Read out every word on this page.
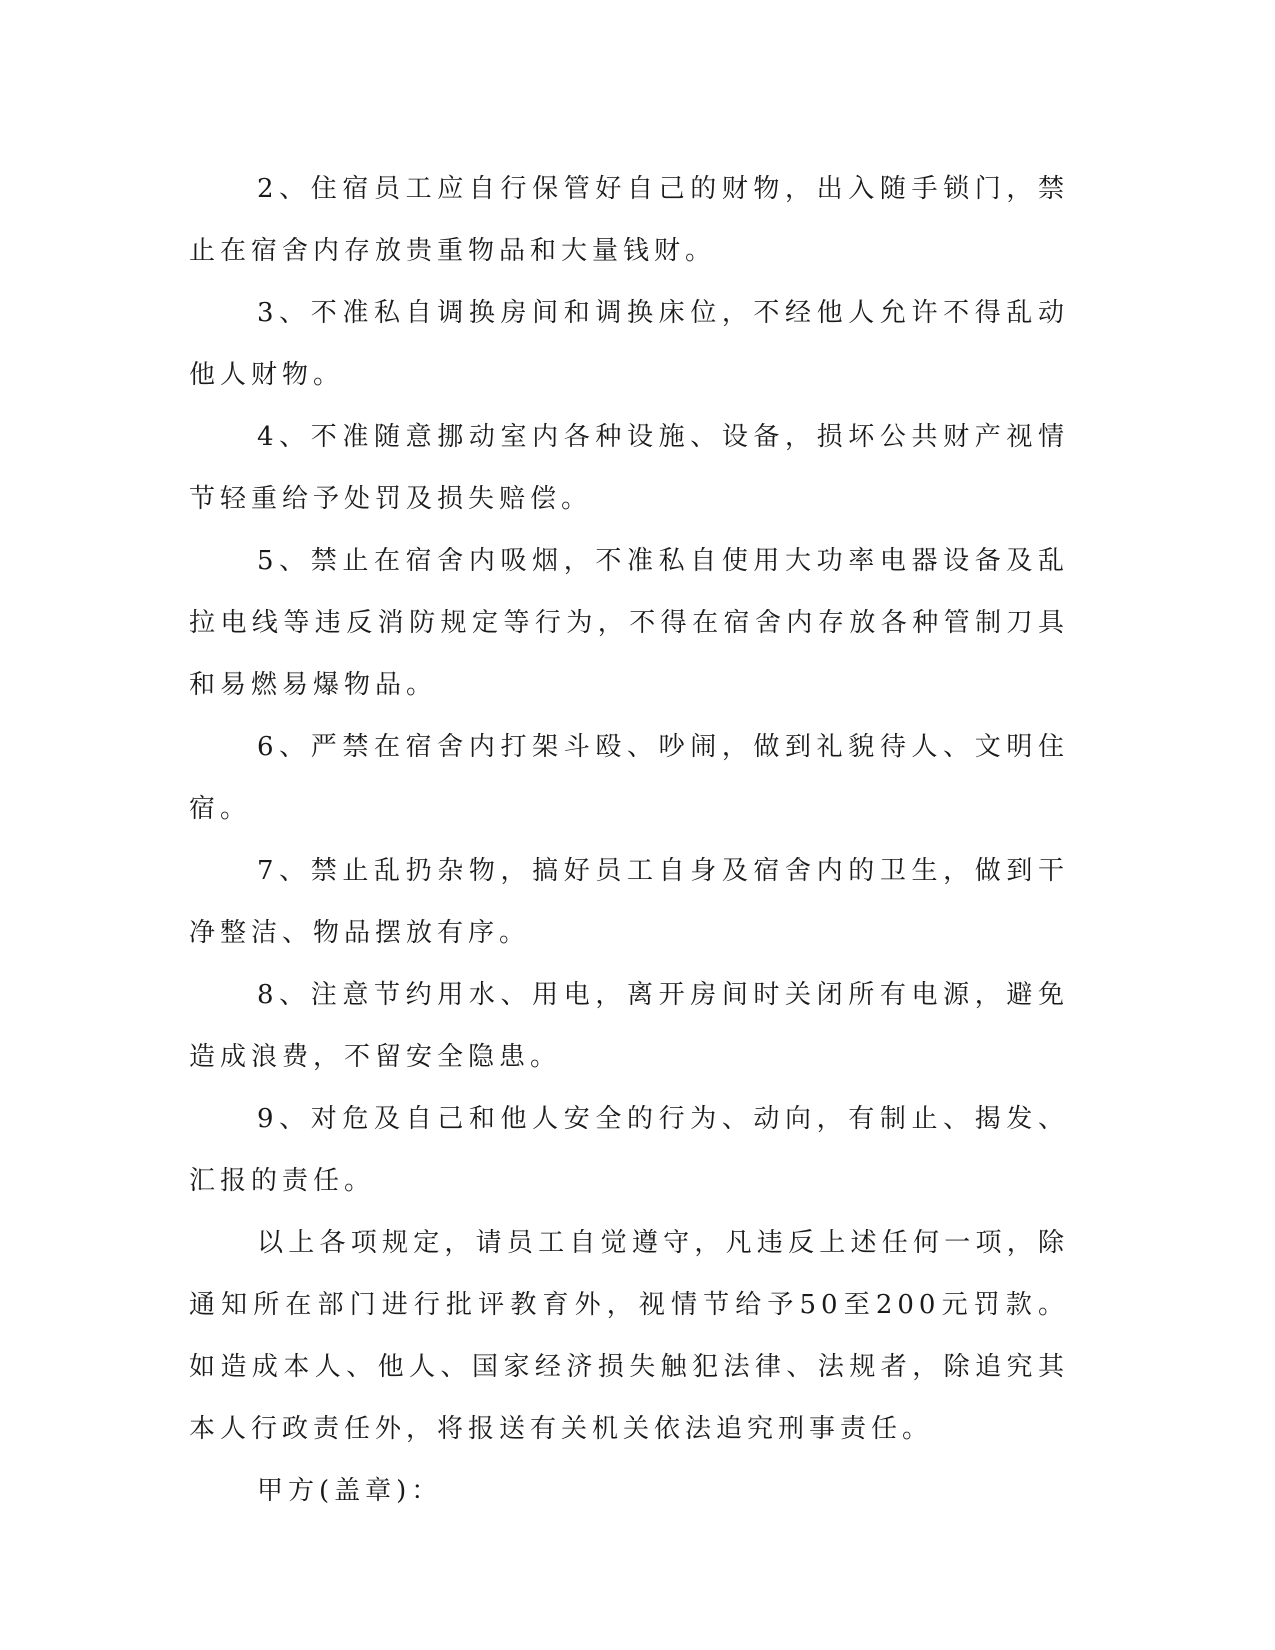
2、住宿员工应自行保管好自己的财物，出入随手锁门，禁止在宿舍内存放贵重物品和大量钱财。

3、不准私自调换房间和调换床位，不经他人允许不得乱动他人财物。

4、不准随意挪动室内各种设施、设备，损坏公共财产视情节轻重给予处罚及损失赔偿。

5、禁止在宿舍内吸烟，不准私自使用大功率电器设备及乱拉电线等违反消防规定等行为，不得在宿舍内存放各种管制刀具和易燃易爆物品。

6、严禁在宿舍内打架斗殴、吵闹，做到礼貌待人、文明住宿。

7、禁止乱扔杂物，搞好员工自身及宿舍内的卫生，做到干净整洁、物品摆放有序。

8、注意节约用水、用电，离开房间时关闭所有电源，避免造成浪费，不留安全隐患。

9、对危及自己和他人安全的行为、动向，有制止、揭发、汇报的责任。

以上各项规定，请员工自觉遵守，凡违反上述任何一项，除通知所在部门进行批评教育外，视情节给予50至200元罚款。如造成本人、他人、国家经济损失触犯法律、法规者，除追究其本人行政责任外，将报送有关机关依法追究刑事责任。

甲方(盖章)：
